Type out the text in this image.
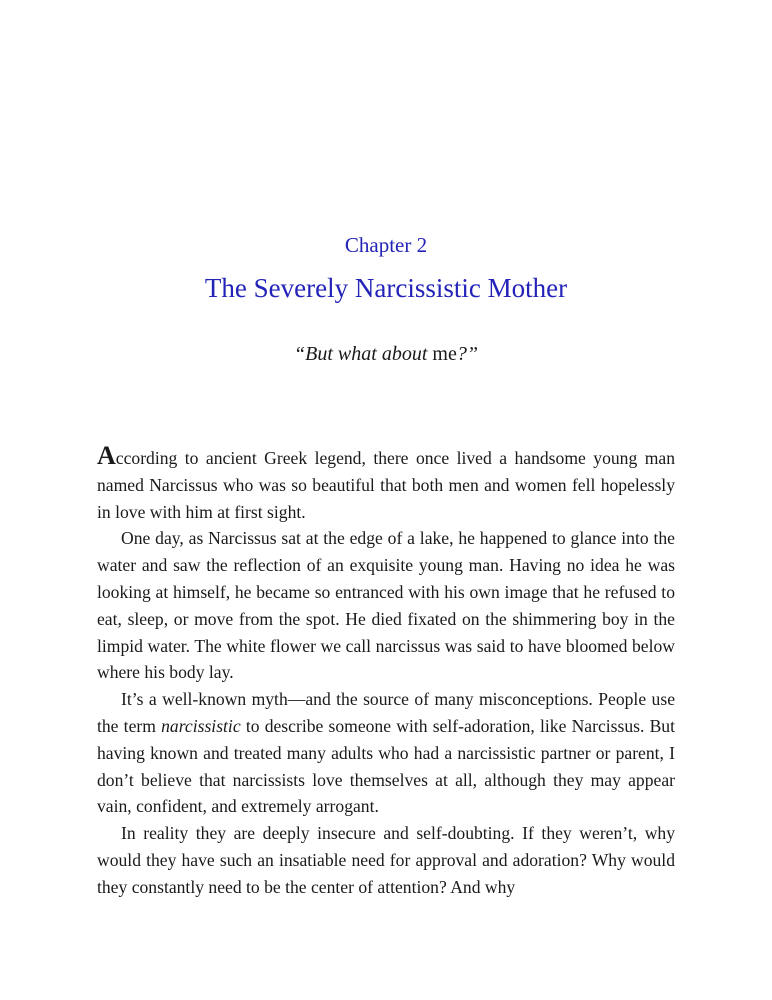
Chapter 2
The Severely Narcissistic Mother
“But what about me?”

According to ancient Greek legend, there once lived a handsome young man named Narcissus who was so beautiful that both men and women fell hopelessly in love with him at first sight.

One day, as Narcissus sat at the edge of a lake, he happened to glance into the water and saw the reflection of an exquisite young man. Having no idea he was looking at himself, he became so entranced with his own image that he refused to eat, sleep, or move from the spot. He died fixated on the shimmering boy in the limpid water. The white flower we call narcissus was said to have bloomed below where his body lay.

It’s a well-known myth—and the source of many misconceptions. People use the term narcissistic to describe someone with self-adoration, like Narcissus. But having known and treated many adults who had a narcissistic partner or parent, I don’t believe that narcissists love themselves at all, although they may appear vain, confident, and extremely arrogant.

In reality they are deeply insecure and self-doubting. If they weren’t, why would they have such an insatiable need for approval and adoration? Why would they constantly need to be the center of attention? And why
